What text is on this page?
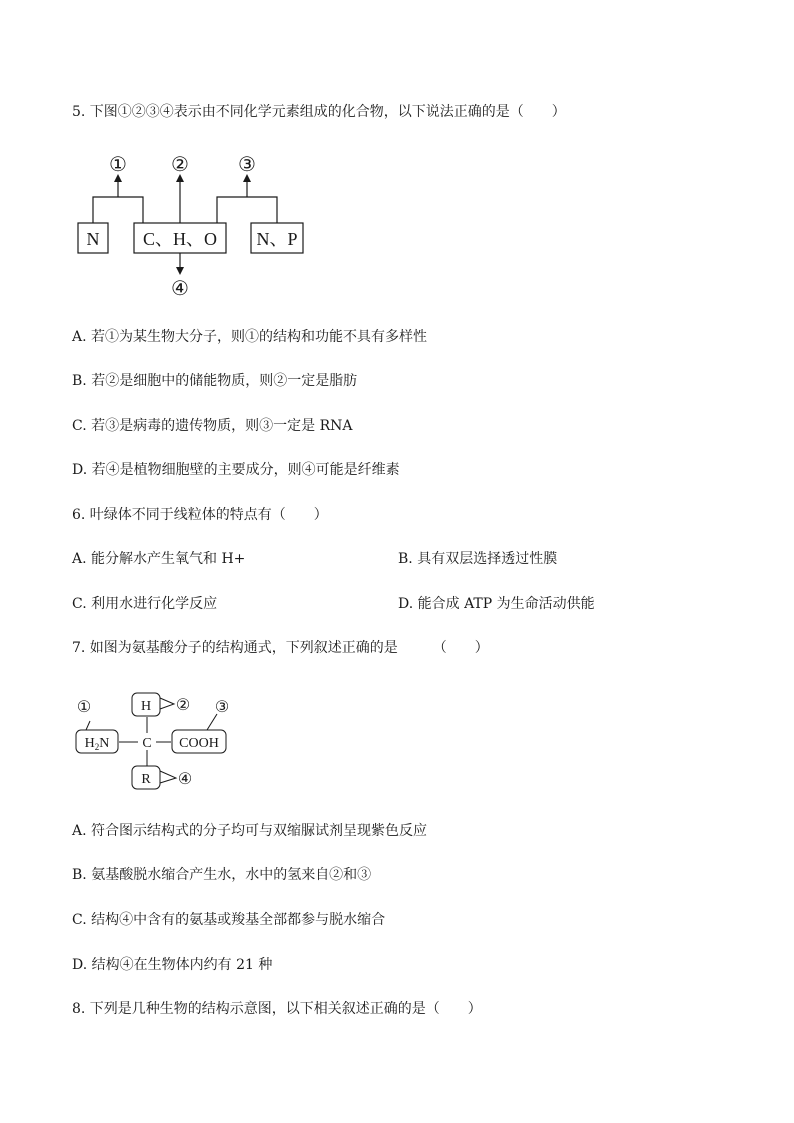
5. 下图①②③④表示由不同化学元素组成的化合物，以下说法正确的是（　　）
N C、H、O N、P
① ② ③
④
A. 若①为某生物大分子，则①的结构和功能不具有多样性
B. 若②是细胞中的储能物质，则②一定是脂肪
C. 若③是病毒的遗传物质，则③一定是 RNA
D. 若④是植物细胞壁的主要成分，则④可能是纤维素
6. 叶绿体不同于线粒体的特点有（　　）
A. 能分解水产生氧气和 H+	B. 具有双层选择透过性膜
C. 利用水进行化学反应	D. 能合成 ATP 为生命活动供能
7. 如图为氨基酸分子的结构通式，下列叙述正确的是　　　（　　）
$H_2N$
H
C COOH
R
①	② ③
④
A. 符合图示结构式的分子均可与双缩脲试剂呈现紫色反应
B. 氨基酸脱水缩合产生水，水中的氢来自②和③
C. 结构④中含有的氨基或羧基全部都参与脱水缩合
D. 结构④在生物体内约有 21 种
8. 下列是几种生物的结构示意图，以下相关叙述正确的是（　　）
